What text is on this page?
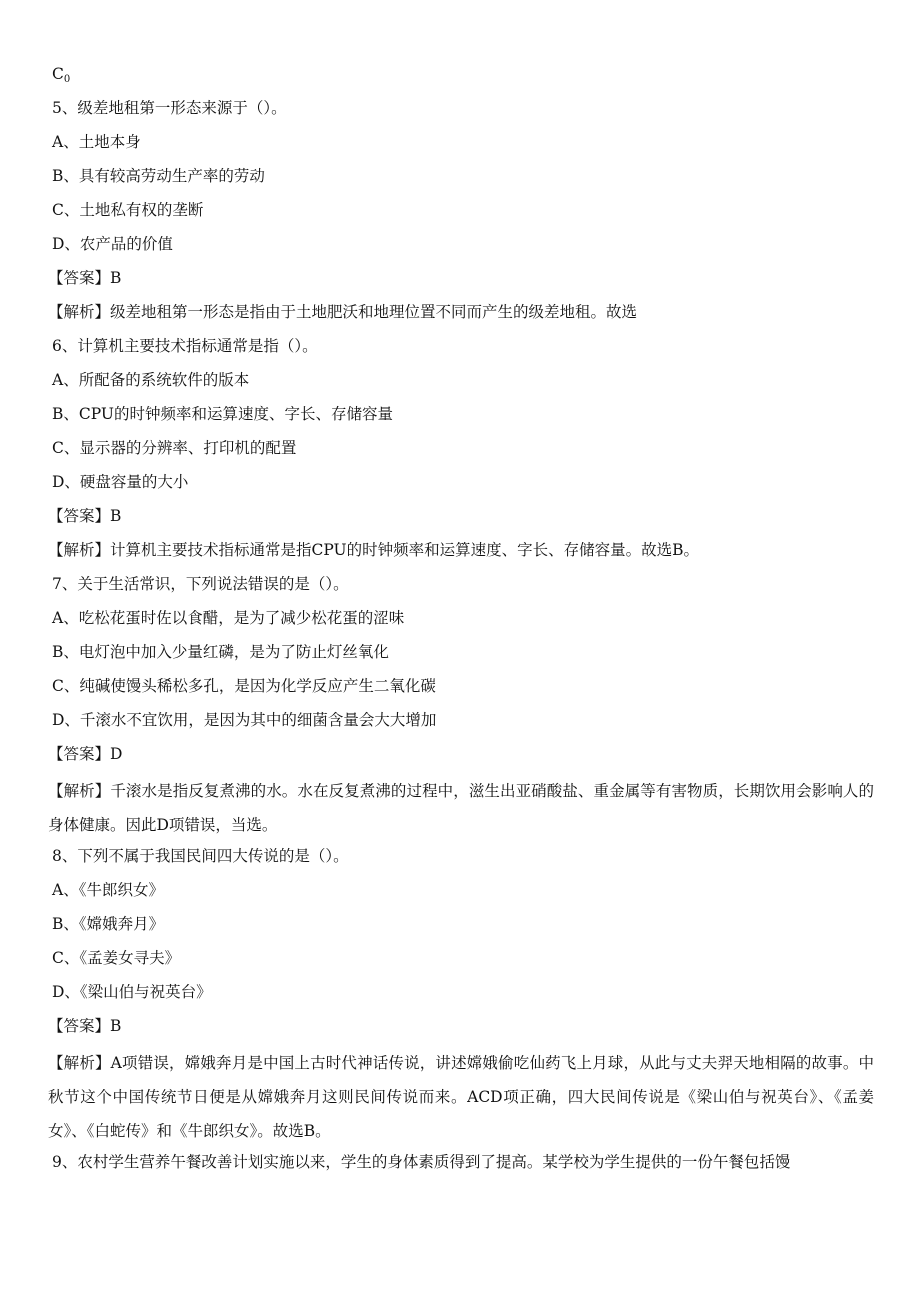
$C_0$
5、级差地租第一形态来源于（）。
A、土地本身
B、具有较高劳动生产率的劳动
C、土地私有权的垄断
D、农产品的价值
【答案】B
【解析】级差地租第一形态是指由于土地肥沃和地理位置不同而产生的级差地租。故选
6、计算机主要技术指标通常是指（）。
A、所配备的系统软件的版本
B、CPU的时钟频率和运算速度、字长、存储容量
C、显示器的分辨率、打印机的配置
D、硬盘容量的大小
【答案】B
【解析】计算机主要技术指标通常是指CPU的时钟频率和运算速度、字长、存储容量。故选B。
7、关于生活常识，下列说法错误的是（）。
A、吃松花蛋时佐以食醋，是为了减少松花蛋的涩味
B、电灯泡中加入少量红磷，是为了防止灯丝氧化
C、纯碱使馒头稀松多孔，是因为化学反应产生二氧化碳
D、千滚水不宜饮用，是因为其中的细菌含量会大大增加
【答案】D
【解析】千滚水是指反复煮沸的水。水在反复煮沸的过程中，滋生出亚硝酸盐、重金属等有害物质，长期饮用会影响人的身体健康。因此D项错误，当选。
8、下列不属于我国民间四大传说的是（）。
A、《牛郎织女》
B、《嫦娥奔月》
C、《孟姜女寻夫》
D、《梁山伯与祝英台》
【答案】B
【解析】A项错误，嫦娥奔月是中国上古时代神话传说，讲述嫦娥偷吃仙药飞上月球，从此与丈夫羿天地相隔的故事。中秋节这个中国传统节日便是从嫦娥奔月这则民间传说而来。ACD项正确，四大民间传说是《梁山伯与祝英台》、《孟姜女》、《白蛇传》和《牛郎织女》。故选B。
9、农村学生营养午餐改善计划实施以来，学生的身体素质得到了提高。某学校为学生提供的一份午餐包括馒
